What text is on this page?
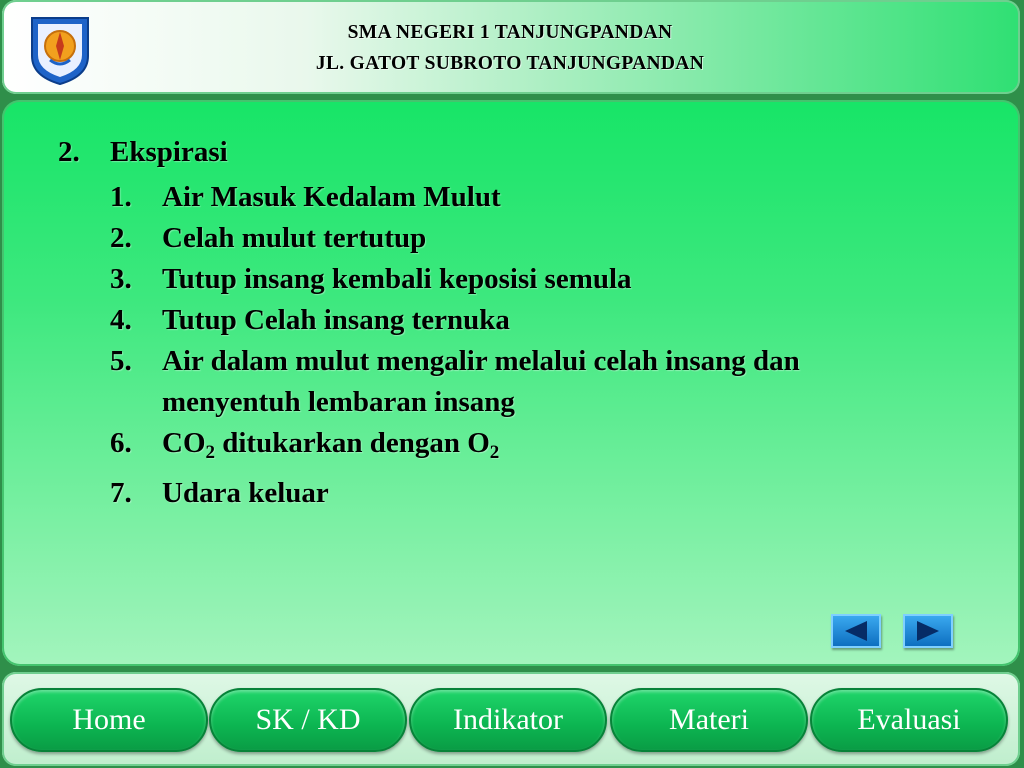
SMA NEGERI 1 TANJUNGPANDAN
JL. GATOT SUBROTO TANJUNGPANDAN
2.	Ekspirasi
1. Air Masuk Kedalam Mulut
2. Celah mulut tertutup
3. Tutup insang kembali keposisi semula
4. Tutup Celah insang ternuka
5. Air dalam mulut mengalir melalui celah insang dan menyentuh lembaran insang
6. $CO_2$ ditukarkan dengan $O_2$
7. Udara keluar
Home	SK / KD	Indikator	Materi	Evaluasi
